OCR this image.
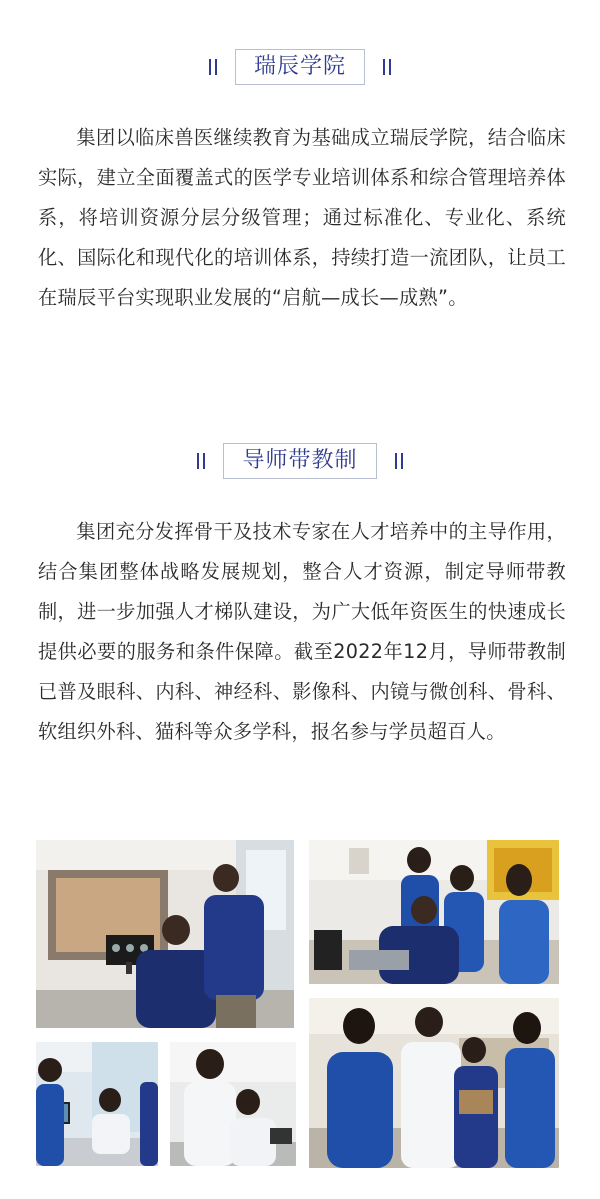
瑞辰学院

集团以临床兽医继续教育为基础成立瑞辰学院，结合临床实际，建立全面覆盖式的医学专业培训体系和综合管理培养体系，将培训资源分层分级管理；通过标准化、专业化、系统化、国际化和现代化的培训体系，持续打造一流团队，让员工在瑞辰平台实现职业发展的“启航—成长—成熟”。

导师带教制

集团充分发挥骨干及技术专家在人才培养中的主导作用，结合集团整体战略发展规划，整合人才资源，制定导师带教制，进一步加强人才梯队建设，为广大低年资医生的快速成长提供必要的服务和条件保障。截至2022年12月，导师带教制已普及眼科、内科、神经科、影像科、内镜与微创科、骨科、软组织外科、猫科等众多学科，报名参与学员超百人。
